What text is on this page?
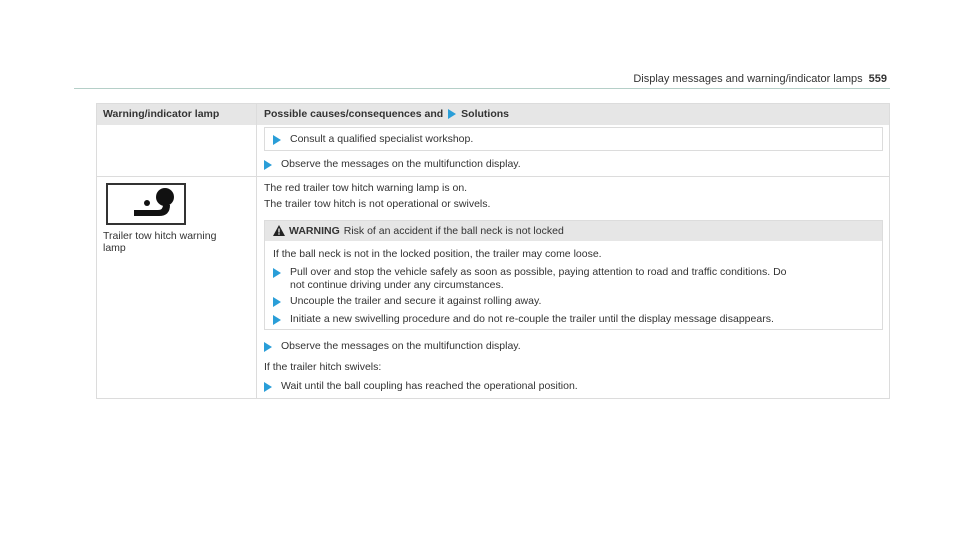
Display messages and warning/indicator lamps 559
Warning/indicator lamp	Possible causes/consequences and Solutions
Consult a qualified specialist workshop.
Observe the messages on the multifunction display.
Trailer tow hitch warning
lamp
The red trailer tow hitch warning lamp is on.
The trailer tow hitch is not operational or swivels.
WARNING Risk of an accident if the ball neck is not locked
If the ball neck is not in the locked position, the trailer may come loose.
Pull over and stop the vehicle safely as soon as possible, paying attention to road and traffic conditions. Do
not continue driving under any circumstances.
Uncouple the trailer and secure it against rolling away.
Initiate a new swivelling procedure and do not re-couple the trailer until the display message disappears.
Observe the messages on the multifunction display.
If the trailer hitch swivels:
Wait until the ball coupling has reached the operational position.
